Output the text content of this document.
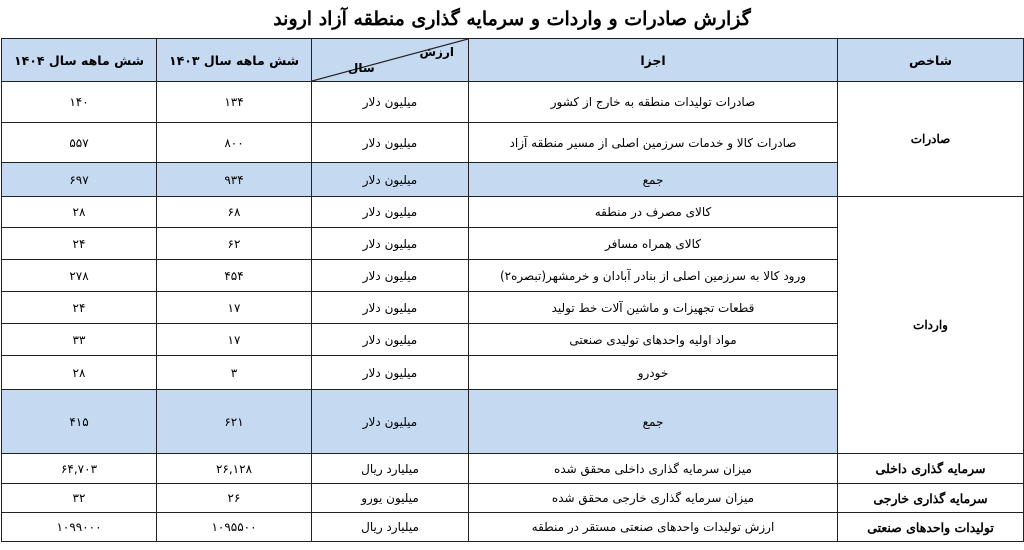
گزارش صادرات و واردات و سرمایه گذاری منطقه آزاد اروند
شاخص	اجزا	ارزش
سال	شش ماهه سال ۱۴۰۳	شش ماهه سال ۱۴۰۴
صادرات	صادرات تولیدات منطقه به خارج از کشور	میلیون دلار	۱۳۴	۱۴۰
	صادرات کالا و خدمات سرزمین اصلی از مسیر منطقه آزاد	میلیون دلار	۸۰۰	۵۵۷
	جمع	میلیون دلار	۹۳۴	۶۹۷
واردات	کالای مصرف در منطقه	میلیون دلار	۶۸	۲۸
	کالای همراه مسافر	میلیون دلار	۶۲	۲۴
	ورود کالا به سرزمین اصلی از بنادر آبادان و خرمشهر(تبصره۲)	میلیون دلار	۴۵۴	۲۷۸
	قطعات تجهیزات و ماشین آلات خط تولید	میلیون دلار	۱۷	۲۴
	مواد اولیه واحدهای تولیدی صنعتی	میلیون دلار	۱۷	۳۳
	خودرو	میلیون دلار	۳	۲۸
	جمع	میلیون دلار	۶۲۱	۴۱۵
سرمایه گذاری داخلی	میزان سرمایه گذاری داخلی محقق شده	میلیارد ریال	۲۶,۱۲۸	۶۴,۷۰۳
سرمایه گذاری خارجی	میزان سرمایه گذاری خارجی محقق شده	میلیون یورو	۲۶	۳۲
تولیدات واحدهای صنعتی	ارزش تولیدات واحدهای صنعتی مستقر در منطقه	میلیارد ریال	۱۰۹۵۵۰۰	۱۰۹۹۰۰۰
